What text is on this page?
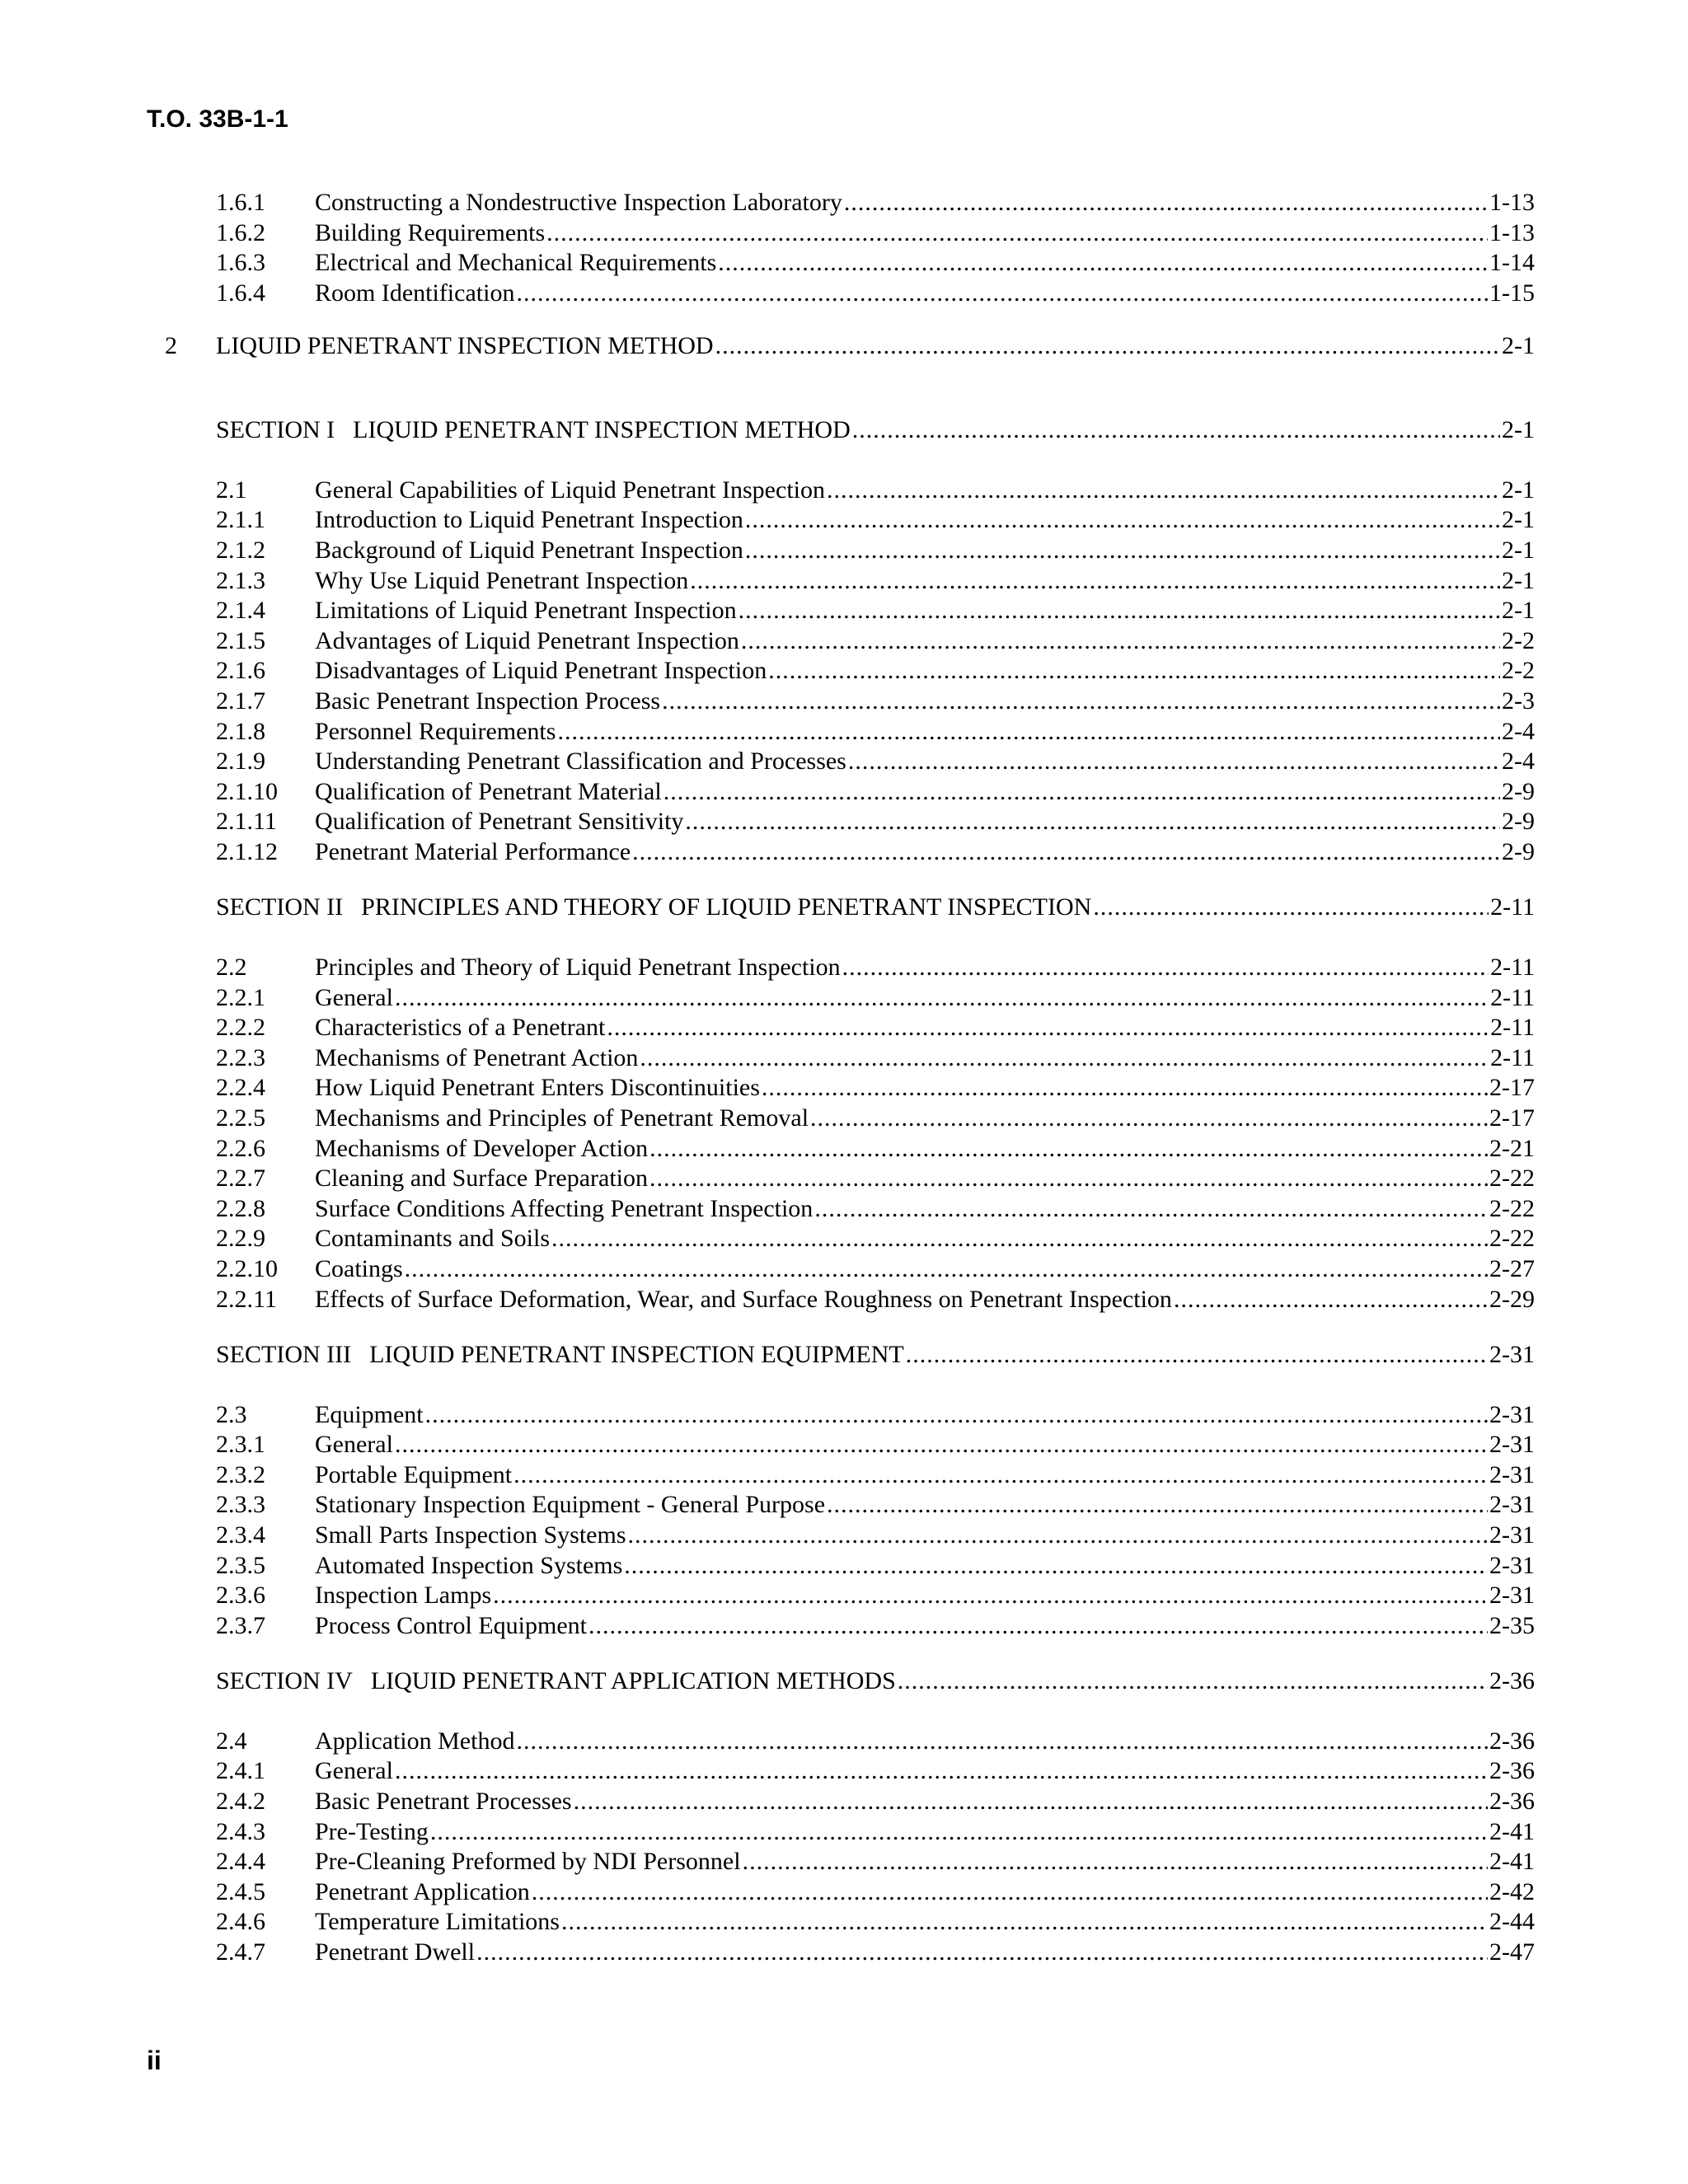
T.O. 33B-1-1
1.6.1	Constructing a Nondestructive Inspection Laboratory .....	1-13
1.6.2	Building Requirements .....	1-13
1.6.3	Electrical and Mechanical Requirements .....	1-14
1.6.4	Room Identification .....	1-15
2	LIQUID PENETRANT INSPECTION METHOD .....	2-1
SECTION I LIQUID PENETRANT INSPECTION METHOD .....	2-1
2.1	General Capabilities of Liquid Penetrant Inspection .....	2-1
2.1.1	Introduction to Liquid Penetrant Inspection .....	2-1
2.1.2	Background of Liquid Penetrant Inspection .....	2-1
2.1.3	Why Use Liquid Penetrant Inspection .....	2-1
2.1.4	Limitations of Liquid Penetrant Inspection .....	2-1
2.1.5	Advantages of Liquid Penetrant Inspection .....	2-2
2.1.6	Disadvantages of Liquid Penetrant Inspection .....	2-2
2.1.7	Basic Penetrant Inspection Process .....	2-3
2.1.8	Personnel Requirements .....	2-4
2.1.9	Understanding Penetrant Classification and Processes .....	2-4
2.1.10	Qualification of Penetrant Material .....	2-9
2.1.11	Qualification of Penetrant Sensitivity .....	2-9
2.1.12	Penetrant Material Performance .....	2-9
SECTION II PRINCIPLES AND THEORY OF LIQUID PENETRANT INSPECTION .....	2-11
2.2	Principles and Theory of Liquid Penetrant Inspection .....	2-11
2.2.1	General .....	2-11
2.2.2	Characteristics of a Penetrant .....	2-11
2.2.3	Mechanisms of Penetrant Action .....	2-11
2.2.4	How Liquid Penetrant Enters Discontinuities .....	2-17
2.2.5	Mechanisms and Principles of Penetrant Removal .....	2-17
2.2.6	Mechanisms of Developer Action .....	2-21
2.2.7	Cleaning and Surface Preparation .....	2-22
2.2.8	Surface Conditions Affecting Penetrant Inspection .....	2-22
2.2.9	Contaminants and Soils .....	2-22
2.2.10	Coatings .....	2-27
2.2.11	Effects of Surface Deformation, Wear, and Surface Roughness on Penetrant Inspection .....	2-29
SECTION III LIQUID PENETRANT INSPECTION EQUIPMENT .....	2-31
2.3	Equipment .....	2-31
2.3.1	General .....	2-31
2.3.2	Portable Equipment .....	2-31
2.3.3	Stationary Inspection Equipment - General Purpose .....	2-31
2.3.4	Small Parts Inspection Systems .....	2-31
2.3.5	Automated Inspection Systems .....	2-31
2.3.6	Inspection Lamps .....	2-31
2.3.7	Process Control Equipment .....	2-35
SECTION IV LIQUID PENETRANT APPLICATION METHODS .....	2-36
2.4	Application Method .....	2-36
2.4.1	General .....	2-36
2.4.2	Basic Penetrant Processes .....	2-36
2.4.3	Pre-Testing .....	2-41
2.4.4	Pre-Cleaning Preformed by NDI Personnel .....	2-41
2.4.5	Penetrant Application .....	2-42
2.4.6	Temperature Limitations .....	2-44
2.4.7	Penetrant Dwell .....	2-47
ii
